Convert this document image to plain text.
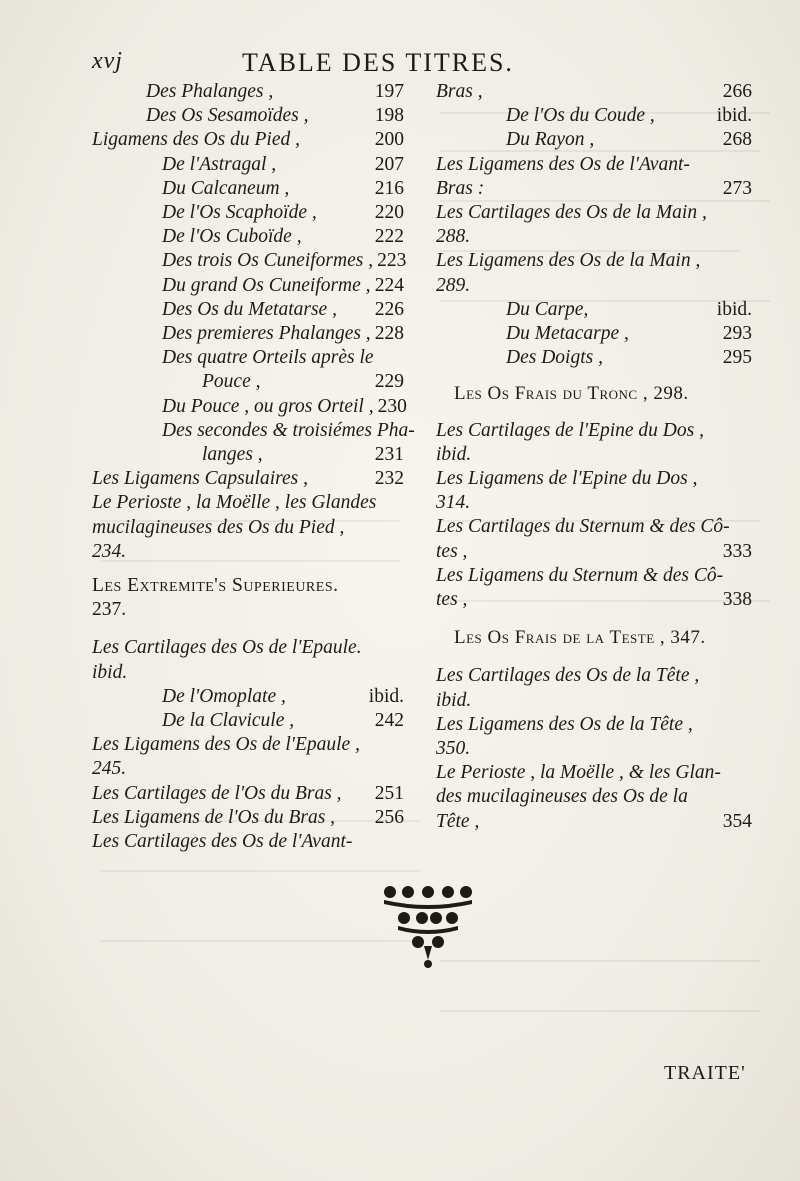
xvj	TABLE DES TITRES.
Des Phalanges ,	197
Des Os Sesamoïdes ,	198
Ligamens des Os du Pied ,	200
De l'Astragal ,	207
Du Calcaneum ,	216
De l'Os Scaphoïde ,	220
De l'Os Cuboïde ,	222
Des trois Os Cuneiformes , 223
Du grand Os Cuneiforme , 224
Des Os du Metatarse , 226
Des premieres Phalanges , 228
Des quatre Orteils après le
Pouce ,	229
Du Pouce , ou gros Orteil , 230
Des secondes & troisiémes Pha-
langes ,	231
Les Ligamens Capsulaires ,	232
Le Perioste , la Moëlle , les Glandes
mucilagineuses des Os du Pied ,
234.
Les Extremite's Superieures.
237.
Les Cartilages des Os de l'Epaule.
ibid.
De l'Omoplate ,	ibid.
De la Clavicule ,	242
Les Ligamens des Os de l'Epaule ,
245.
Les Cartilages de l'Os du Bras , 251
Les Ligamens de l'Os du Bras , 256
Les Cartilages des Os de l'Avant-
Bras ,	266
De l'Os du Coude ,	ibid.
Du Rayon ,	268
Les Ligamens des Os de l'Avant-
Bras :	273
Les Cartilages des Os de la Main ,
288.
Les Ligamens des Os de la Main ,
289.
Du Carpe,	ibid.
Du Metacarpe ,	293
Des Doigts ,	295
Les Os Frais du Tronc , 298.
Les Cartilages de l'Epine du Dos ,
ibid.
Les Ligamens de l'Epine du Dos ,
314.
Les Cartilages du Sternum & des Cô-
tes ,	333
Les Ligamens du Sternum & des Cô-
tes ,	338
Les Os Frais de la Teste , 347.
Les Cartilages des Os de la Tête ,
ibid.
Les Ligamens des Os de la Tête ,
350.
Le Perioste , la Moëlle , & les Glan-
des mucilagineuses des Os de la
Tête ,	354
TRAITE'
